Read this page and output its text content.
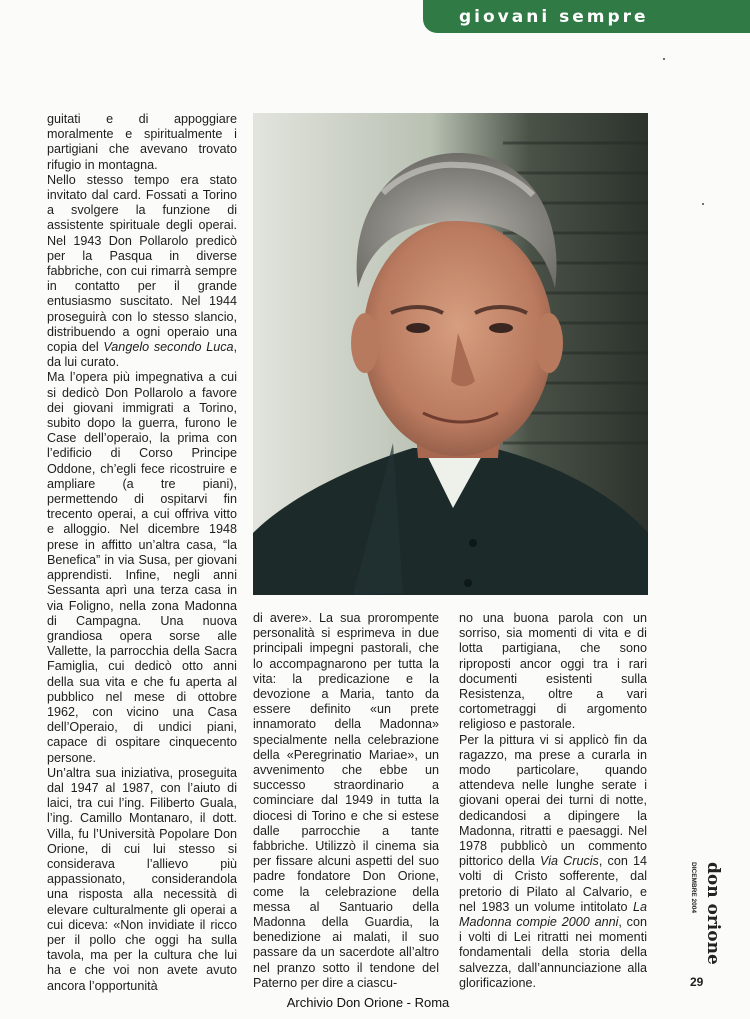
giovani sempre

guitati e di appoggiare moralmente e spiritualmente i partigiani che avevano trovato rifugio in montagna.

Nello stesso tempo era stato invitato dal card. Fossati a Torino a svolgere la funzione di assistente spirituale degli operai. Nel 1943 Don Pollarolo predicò per la Pasqua in diverse fabbriche, con cui rimarrà sempre in contatto per il grande entusiasmo suscitato. Nel 1944 proseguirà con lo stesso slancio, distribuendo a ogni operaio una copia del Vangelo secondo Luca, da lui curato.

Ma l’opera più impegnativa a cui si dedicò Don Pollarolo a favore dei giovani immigrati a Torino, subito dopo la guerra, furono le Case dell’operaio, la prima con l’edificio di Corso Principe Oddone, ch’egli fece ricostruire e ampliare (a tre piani), permettendo di ospitarvi fin trecento operai, a cui offriva vitto e alloggio. Nel dicembre 1948 prese in affitto un’altra casa, “la Benefica” in via Susa, per giovani apprendisti. Infine, negli anni Sessanta aprì una terza casa in via Foligno, nella zona Madonna di Campagna. Una nuova grandiosa opera sorse alle Vallette, la parrocchia della Sacra Famiglia, cui dedicò otto anni della sua vita e che fu aperta al pubblico nel mese di ottobre 1962, con vicino una Casa dell’Operaio, di undici piani, capace di ospitare cinquecento persone.

Un’altra sua iniziativa, proseguita dal 1947 al 1987, con l’aiuto di laici, tra cui l’ing. Filiberto Guala, l’ing. Camillo Montanaro, il dott. Villa, fu l’Università Popolare Don Orione, di cui lui stesso si considerava l’allievo più appassionato, considerandola una risposta alla necessità di elevare culturalmente gli operai a cui diceva: «Non invidiate il ricco per il pollo che oggi ha sulla tavola, ma per la cultura che lui ha e che voi non avete avuto ancora l’opportunità

di avere». La sua prorompente personalità si esprimeva in due principali impegni pastorali, che lo accompagnarono per tutta la vita: la predicazione e la devozione a Maria, tanto da essere definito «un prete innamorato della Madonna» specialmente nella celebrazione della «Peregrinatio Mariae», un avvenimento che ebbe un successo straordinario a cominciare dal 1949 in tutta la diocesi di Torino e che si estese dalle parrocchie a tante fabbriche. Utilizzò il cinema sia per fissare alcuni aspetti del suo padre fondatore Don Orione, come la celebrazione della messa al Santuario della Madonna della Guardia, la benedizione ai malati, il suo passare da un sacerdote all’altro nel pranzo sotto il tendone del Paterno per dire a ciascu-

no una buona parola con un sorriso, sia momenti di vita e di lotta partigiana, che sono riproposti ancor oggi tra i rari documenti esistenti sulla Resistenza, oltre a vari cortometraggi di argomento religioso e pastorale.

Per la pittura vi si applicò fin da ragazzo, ma prese a curarla in modo particolare, quando attendeva nelle lunghe serate i giovani operai dei turni di notte, dedicandosi a dipingere la Madonna, ritratti e paesaggi. Nel 1978 pubblicò un commento pittorico della Via Crucis, con 14 volti di Cristo sofferente, dal pretorio di Pilato al Calvario, e nel 1983 un volume intitolato La Madonna compie 2000 anni, con i volti di Lei ritratti nei momenti fondamentali della storia della salvezza, dall’annunciazione alla glorificazione.

DICEMBRE 2004 don orione
29
Archivio Don Orione - Roma
